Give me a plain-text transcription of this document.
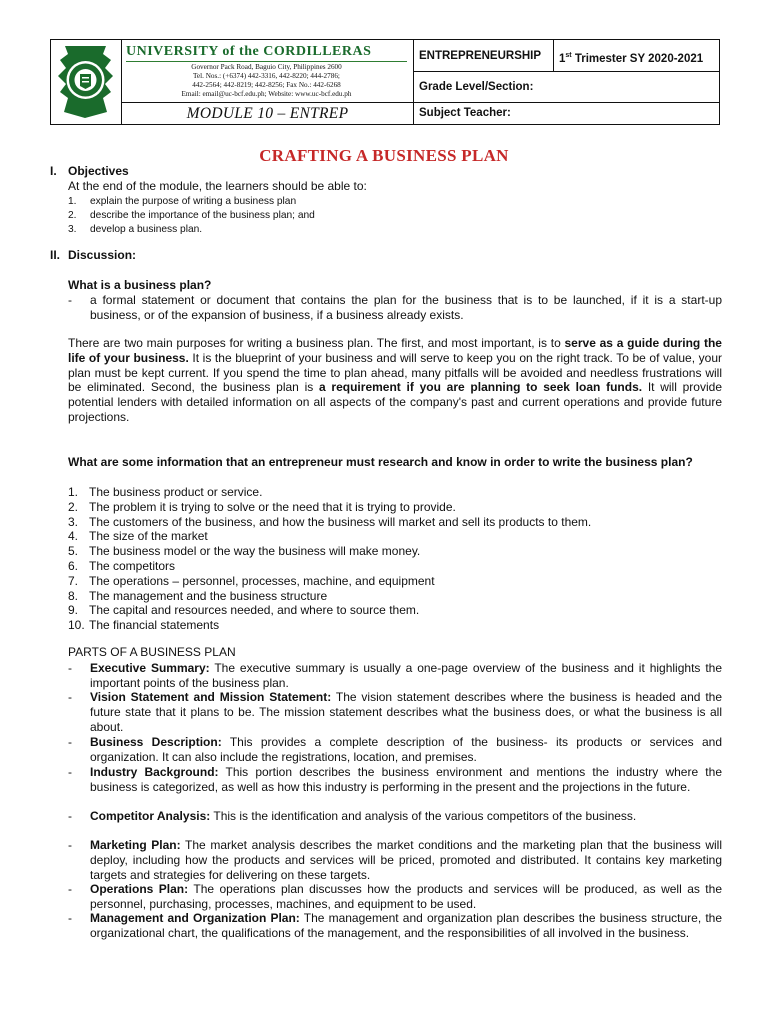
UNIVERSITY of the CORDILLERAS
Governor Pack Road, Baguio City, Philippines 2600
Tel. Nos.: (+6374) 442-3316, 442-8220; 444-2786;
442-2564; 442-8219; 442-8256; Fax No.: 442-6268
Email: email@uc-bcf.edu.ph; Website: www.uc-bcf.edu.ph
MODULE 10 – ENTREP
ENTREPRENEURSHIP	1st Trimester SY 2020-2021
Grade Level/Section:
Subject Teacher:
CRAFTING A BUSINESS PLAN
I. Objectives
At the end of the module, the learners should be able to:
1. explain the purpose of writing a business plan
2. describe the importance of the business plan; and
3. develop a business plan.
II. Discussion:
What is a business plan?
- a formal statement or document that contains the plan for the business that is to be launched, if it is a start-up business, or of the expansion of business, if a business already exists.
There are two main purposes for writing a business plan. The first, and most important, is to serve as a guide during the life of your business. It is the blueprint of your business and will serve to keep you on the right track. To be of value, your plan must be kept current. If you spend the time to plan ahead, many pitfalls will be avoided and needless frustrations will be eliminated. Second, the business plan is a requirement if you are planning to seek loan funds. It will provide potential lenders with detailed information on all aspects of the company's past and current operations and provide future projections.
What are some information that an entrepreneur must research and know in order to write the business plan?
1. The business product or service.
2. The problem it is trying to solve or the need that it is trying to provide.
3. The customers of the business, and how the business will market and sell its products to them.
4. The size of the market
5. The business model or the way the business will make money.
6. The competitors
7. The operations – personnel, processes, machine, and equipment
8. The management and the business structure
9. The capital and resources needed, and where to source them.
10. The financial statements
PARTS OF A BUSINESS PLAN
- Executive Summary: The executive summary is usually a one-page overview of the business and it highlights the important points of the business plan.
- Vision Statement and Mission Statement: The vision statement describes where the business is headed and the future state that it plans to be. The mission statement describes what the business does, or what the business is all about.
- Business Description: This provides a complete description of the business- its products or services and organization. It can also include the registrations, location, and premises.
- Industry Background: This portion describes the business environment and mentions the industry where the business is categorized, as well as how this industry is performing in the present and the projections in the future.
- Competitor Analysis: This is the identification and analysis of the various competitors of the business.
- Marketing Plan: The market analysis describes the market conditions and the marketing plan that the business will deploy, including how the products and services will be priced, promoted and distributed. It contains key marketing targets and strategies for delivering on these targets.
- Operations Plan: The operations plan discusses how the products and services will be produced, as well as the personnel, purchasing, processes, machines, and equipment to be used.
- Management and Organization Plan: The management and organization plan describes the business structure, the organizational chart, the qualifications of the management, and the responsibilities of all involved in the business.
